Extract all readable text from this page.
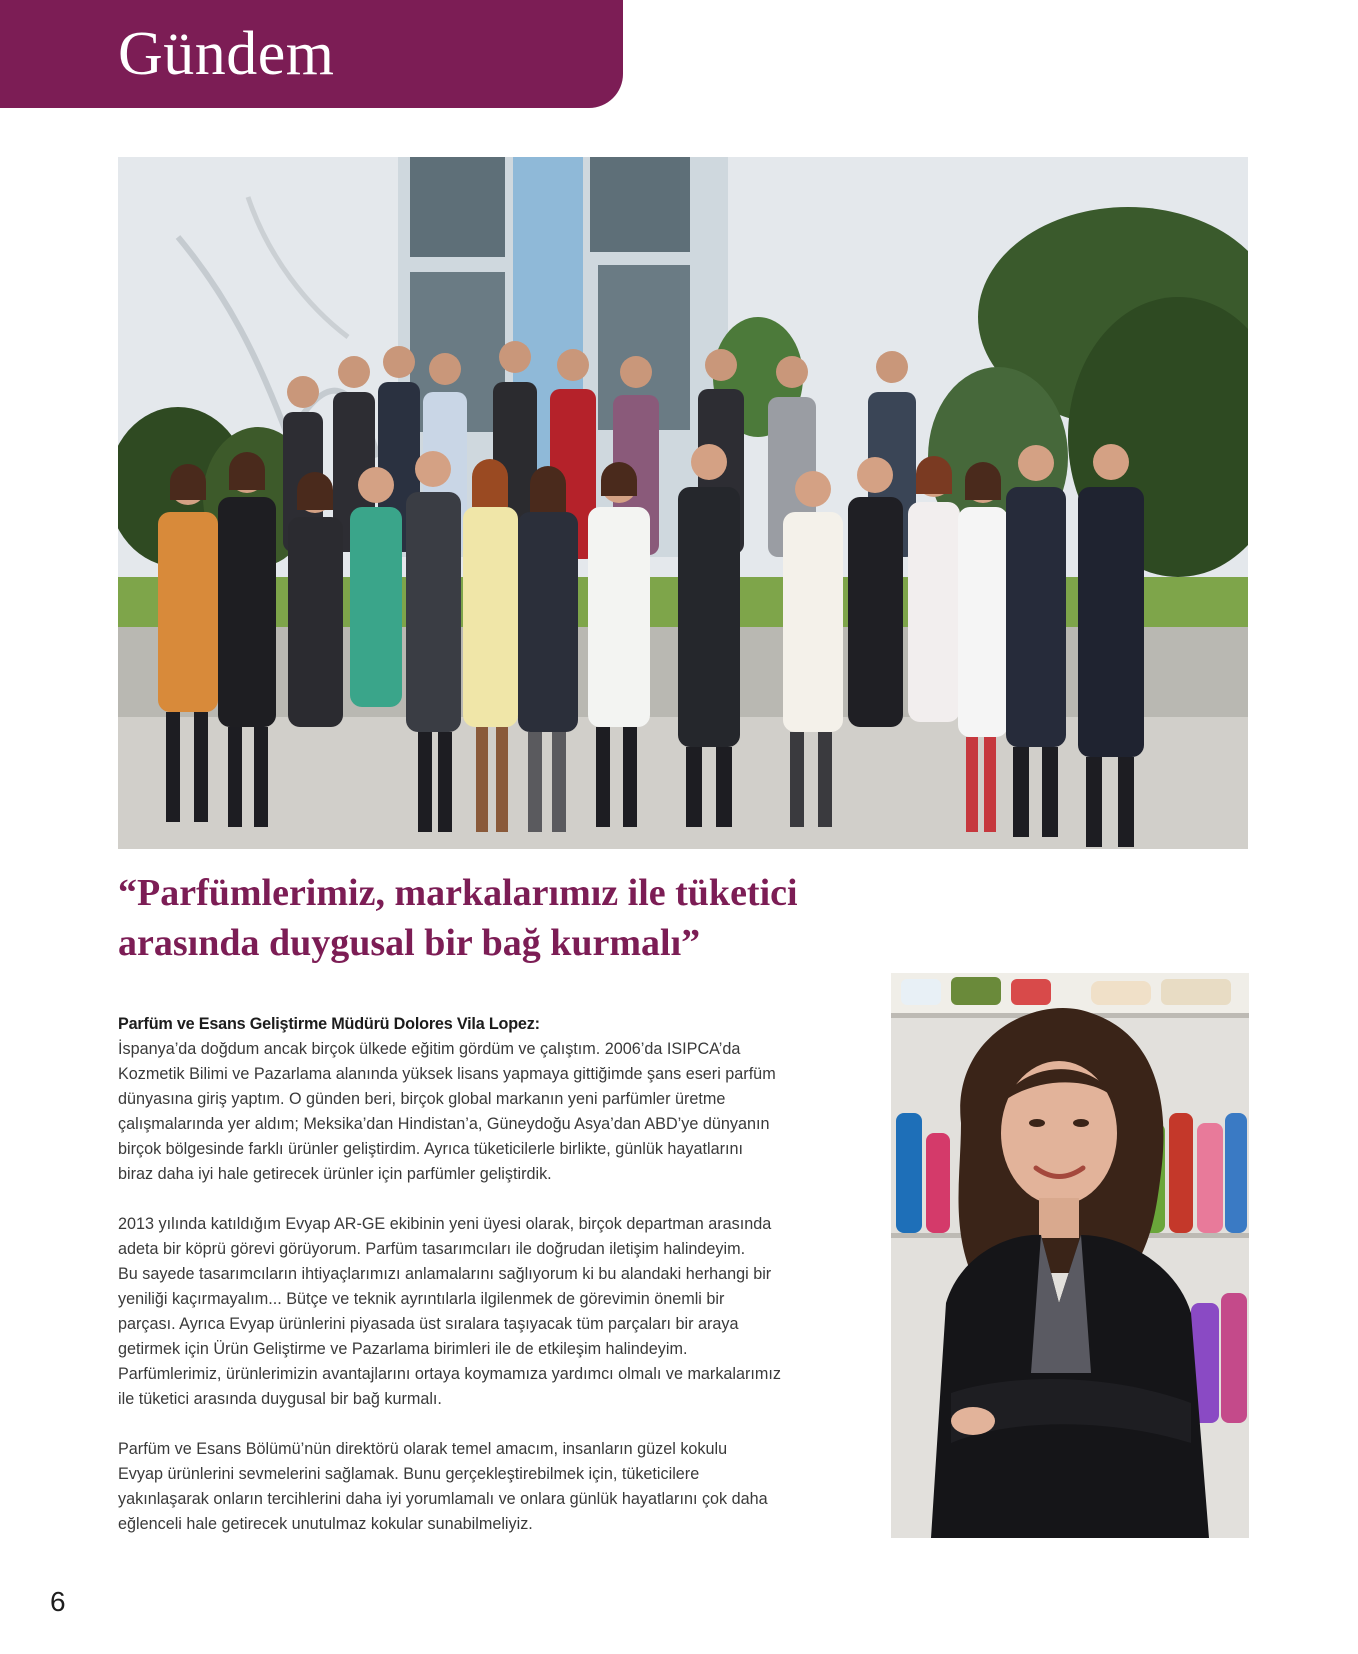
Gündem
“Parfümlerimiz, markalarımız ile tüketici
arasında duygusal bir bağ kurmalı”
Parfüm ve Esans Geliştirme Müdürü Dolores Vila Lopez:

İspanya’da doğdum ancak birçok ülkede eğitim gördüm ve çalıştım. 2006’da ISIPCA’da
Kozmetik Bilimi ve Pazarlama alanında yüksek lisans yapmaya gittiğimde şans eseri parfüm
dünyasına giriş yaptım. O günden beri, birçok global markanın yeni parfümler üretme
çalışmalarında yer aldım; Meksika’dan Hindistan’a, Güneydoğu Asya’dan ABD’ye dünyanın
birçok bölgesinde farklı ürünler geliştirdim. Ayrıca tüketicilerle birlikte, günlük hayatlarını
biraz daha iyi hale getirecek ürünler için parfümler geliştirdik.

2013 yılında katıldığım Evyap AR-GE ekibinin yeni üyesi olarak, birçok departman arasında
adeta bir köprü görevi görüyorum. Parfüm tasarımcıları ile doğrudan iletişim halindeyim.
Bu sayede tasarımcıların ihtiyaçlarımızı anlamalarını sağlıyorum ki bu alandaki herhangi bir
yeniliği kaçırmayalım... Bütçe ve teknik ayrıntılarla ilgilenmek de görevimin önemli bir
parçası. Ayrıca Evyap ürünlerini piyasada üst sıralara taşıyacak tüm parçaları bir araya
getirmek için Ürün Geliştirme ve Pazarlama birimleri ile de etkileşim halindeyim.
Parfümlerimiz, ürünlerimizin avantajlarını ortaya koymamıza yardımcı olmalı ve markalarımız
ile tüketici arasında duygusal bir bağ kurmalı.

Parfüm ve Esans Bölümü’nün direktörü olarak temel amacım, insanların güzel kokulu
Evyap ürünlerini sevmelerini sağlamak. Bunu gerçekleştirebilmek için, tüketicilere
yakınlaşarak onların tercihlerini daha iyi yorumlamalı ve onlara günlük hayatlarını çok daha
eğlenceli hale getirecek unutulmaz kokular sunabilmeliyiz.

6
